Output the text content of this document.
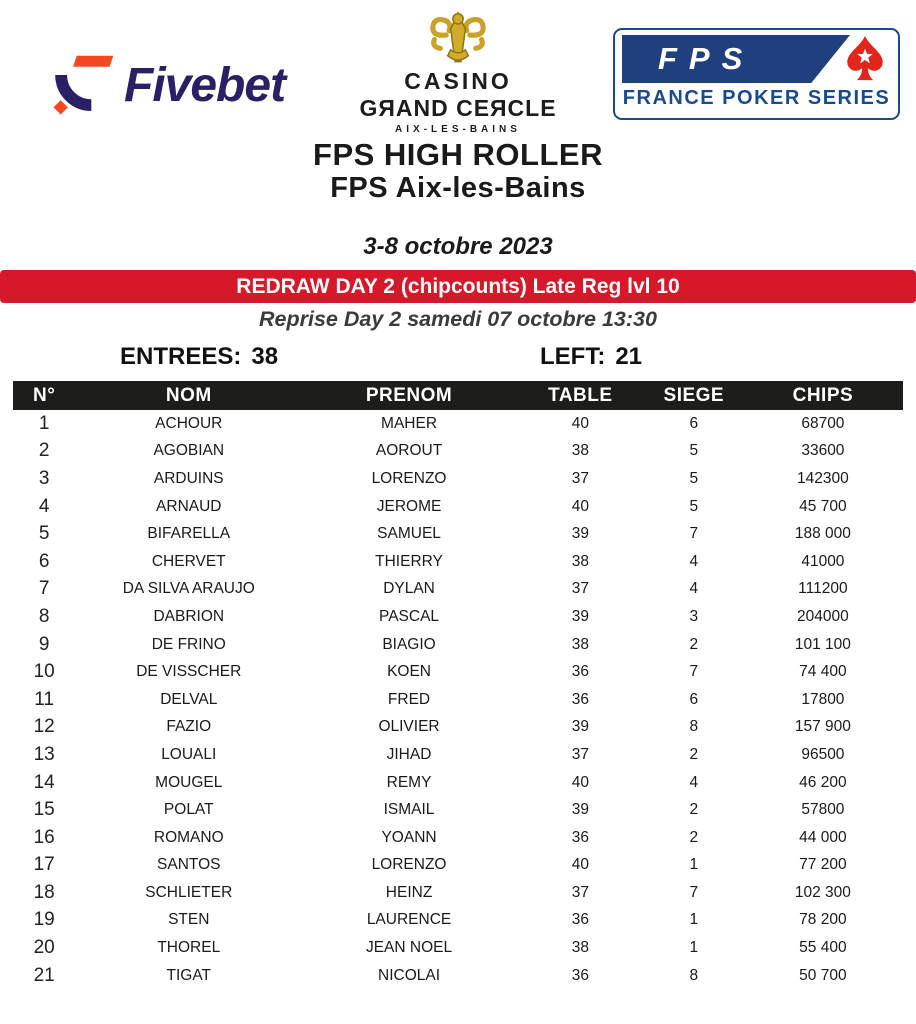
Fivebet	CASINO
GЯAND CEЯCLE
AIX-LES-BAINS
FPS
FRANCE POKER SERIES
FPS HIGH ROLLER
FPS Aix-les-Bains
3-8 octobre 2023
REDRAW DAY 2 (chipcounts) Late Reg lvl 10
Reprise Day 2 samedi 07 octobre 13:30
ENTREES: 38	LEFT: 21
N°	NOM	PRENOM	TABLE	SIEGE	CHIPS
1	ACHOUR	MAHER	40	6	68700
2	AGOBIAN	AOROUT	38	5	33600
3	ARDUINS	LORENZO	37	5	142300
4	ARNAUD	JEROME	40	5	45 700
5	BIFARELLA	SAMUEL	39	7	188 000
6	CHERVET	THIERRY	38	4	41000
7	DA SILVA ARAUJO	DYLAN	37	4	111200
8	DABRION	PASCAL	39	3	204000
9	DE FRINO	BIAGIO	38	2	101 100
10	DE VISSCHER	KOEN	36	7	74 400
11	DELVAL	FRED	36	6	17800
12	FAZIO	OLIVIER	39	8	157 900
13	LOUALI	JIHAD	37	2	96500
14	MOUGEL	REMY	40	4	46 200
15	POLAT	ISMAIL	39	2	57800
16	ROMANO	YOANN	36	2	44 000
17	SANTOS	LORENZO	40	1	77 200
18	SCHLIETER	HEINZ	37	7	102 300
19	STEN	LAURENCE	36	1	78 200
20	THOREL	JEAN NOEL	38	1	55 400
21	TIGAT	NICOLAI	36	8	50 700
